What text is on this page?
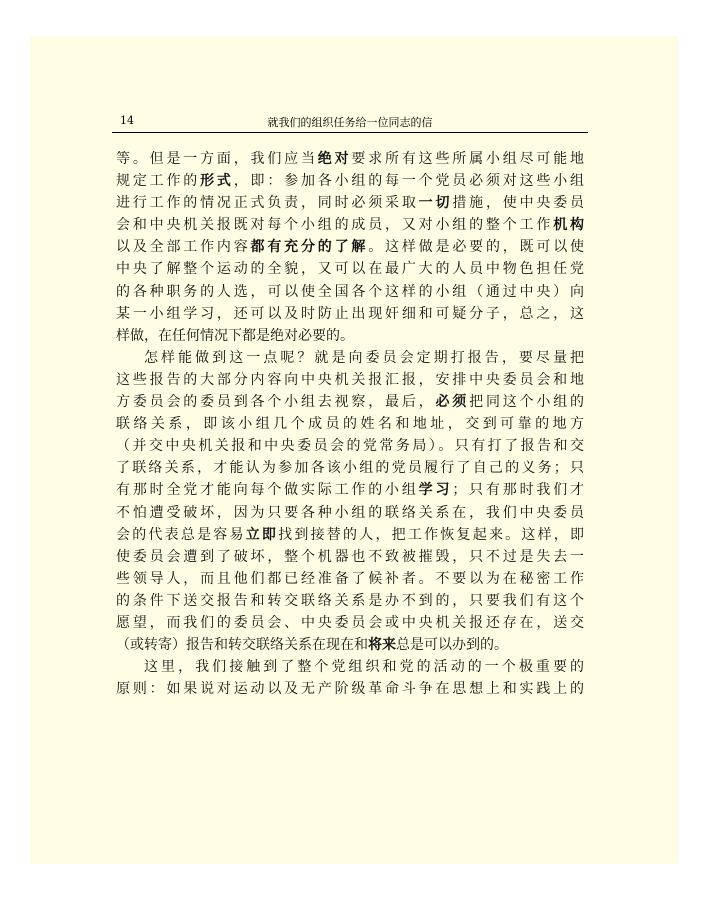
14	就我们的组织任务给一位同志的信
等。但是一方面，我们应当绝对要求所有这些所属小组尽可能地
规定工作的形式，即：参加各小组的每一个党员必须对这些小组
进行工作的情况正式负责，同时必须采取一切措施，使中央委员
会和中央机关报既对每个小组的成员，又对小组的整个工作机构
以及全部工作内容都有充分的了解。这样做是必要的，既可以使
中央了解整个运动的全貌，又可以在最广大的人员中物色担任党
的各种职务的人选，可以使全国各个这样的小组（通过中央）向
某一小组学习，还可以及时防止出现奸细和可疑分子，总之，这
样做，在任何情况下都是绝对必要的。
怎样能做到这一点呢？就是向委员会定期打报告，要尽量把
这些报告的大部分内容向中央机关报汇报，安排中央委员会和地
方委员会的委员到各个小组去视察，最后，必须把同这个小组的
联络关系，即该小组几个成员的姓名和地址，交到可靠的地方
（并交中央机关报和中央委员会的党常务局）。只有打了报告和交
了联络关系，才能认为参加各该小组的党员履行了自己的义务；只
有那时全党才能向每个做实际工作的小组学习；只有那时我们才
不怕遭受破坏，因为只要各种小组的联络关系在，我们中央委员
会的代表总是容易立即找到接替的人，把工作恢复起来。这样，即
使委员会遭到了破坏，整个机器也不致被摧毁，只不过是失去一
些领导人，而且他们都已经准备了候补者。不要以为在秘密工作
的条件下送交报告和转交联络关系是办不到的，只要我们有这个
愿望，而我们的委员会、中央委员会或中央机关报还存在，送交
（或转寄）报告和转交联络关系在现在和将来总是可以办到的。
这里，我们接触到了整个党组织和党的活动的一个极重要的
原则：如果说对运动以及无产阶级革命斗争在思想上和实践上的
